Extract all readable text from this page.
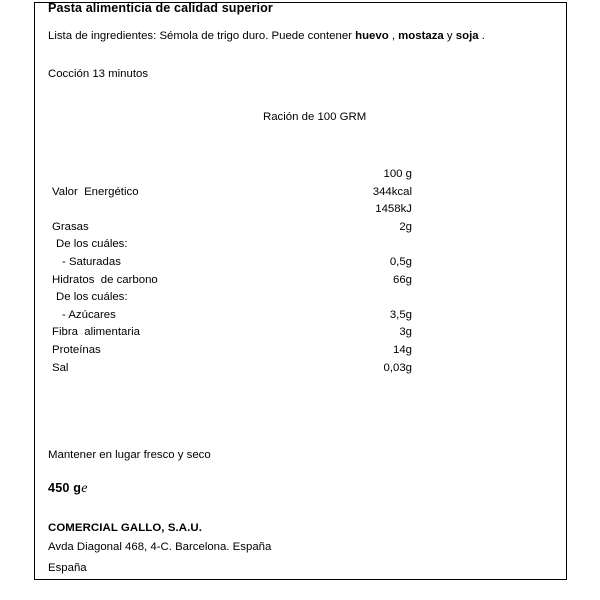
Pasta alimenticia de calidad superior
Lista de ingredientes: Sémola de trigo duro. Puede contener huevo , mostaza y soja .
Cocción 13 minutos
Ración de 100 GRM
	100 g
Valor  Energético	344kcal
	1458kJ
Grasas	2g
De los cuáles:	
- Saturadas	0,5g
Hidratos  de carbono	66g
De los cuáles:	
- Azúcares	3,5g
Fibra  alimentaria	3g
Proteínas	14g
Sal	0,03g
Mantener en lugar fresco y seco
450 ge
COMERCIAL GALLO, S.A.U.
Avda Diagonal 468, 4-C. Barcelona. España
España
